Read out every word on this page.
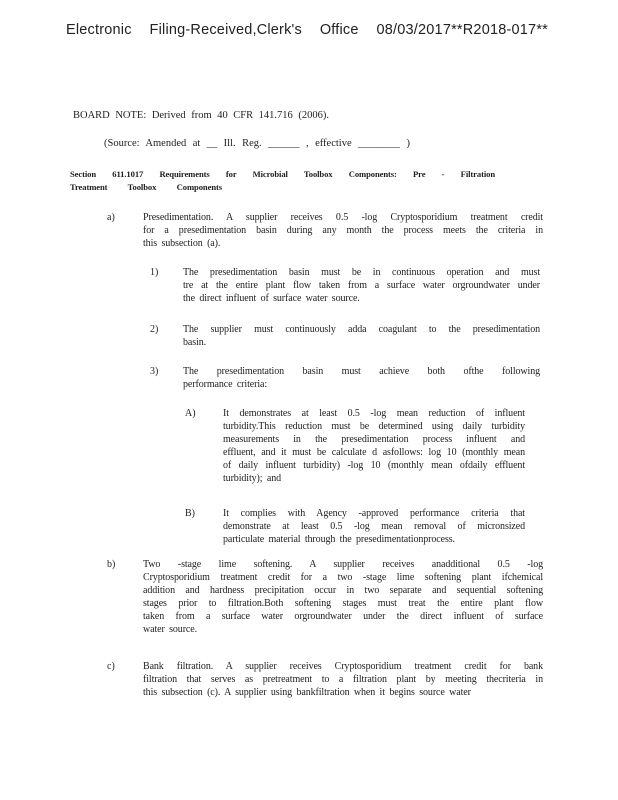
Electronic Filing-Received,Clerk's Office 08/03/2017**R2018-017**
BOARD NOTE: Derived from 40 CFR 141.716 (2006).
(Source: Amended at __ Ill. Reg. ______ , effective ________ )
Section 611.1017 Requirements for Microbial Toolbox Components: Pre - Filtration
Treatment Toolbox Components
a)	Presedimentation. A supplier receives 0.5 -log Cryptosporidium treatment credit
for a presedimentation basin during any month the process meets the criteria in
this subsection (a).
1)	The presedimentation basin must be in continuous operation and must
tre at the entire plant flow taken from a surface water orgroundwater under
the direct influent of surface water source.
2)	The supplier must continuously adda coagulant to the presedimentation
basin.
3)	The presedimentation basin must achieve both ofthe following
performance criteria:
A)	It demonstrates at least 0.5 -log mean reduction of influent
turbidity.This reduction must be determined using daily turbidity
measurements in the presedimentation process influent and
effluent, and it must be calculate d asfollows: log 10 (monthly mean
of daily influent turbidity) -log 10 (monthly mean ofdaily effluent
turbidity); and
B)	It complies with Agency -approved performance criteria that
demonstrate at least 0.5 -log mean removal of micronsized
particulate material through the presedimentationprocess.
b)	Two -stage lime softening. A supplier receives anadditional 0.5 -log
Cryptosporidium treatment credit for a two -stage lime softening plant ifchemical
addition and hardness precipitation occur in two separate and sequential softening
stages prior to filtration.Both softening stages must treat the entire plant flow
taken from a surface water orgroundwater under the direct influent of surface
water source.
c)	Bank filtration. A supplier receives Cryptosporidium treatment credit for bank
filtration that serves as pretreatment to a filtration plant by meeting thecriteria in
this subsection (c). A supplier using bankfiltration when it begins source water
